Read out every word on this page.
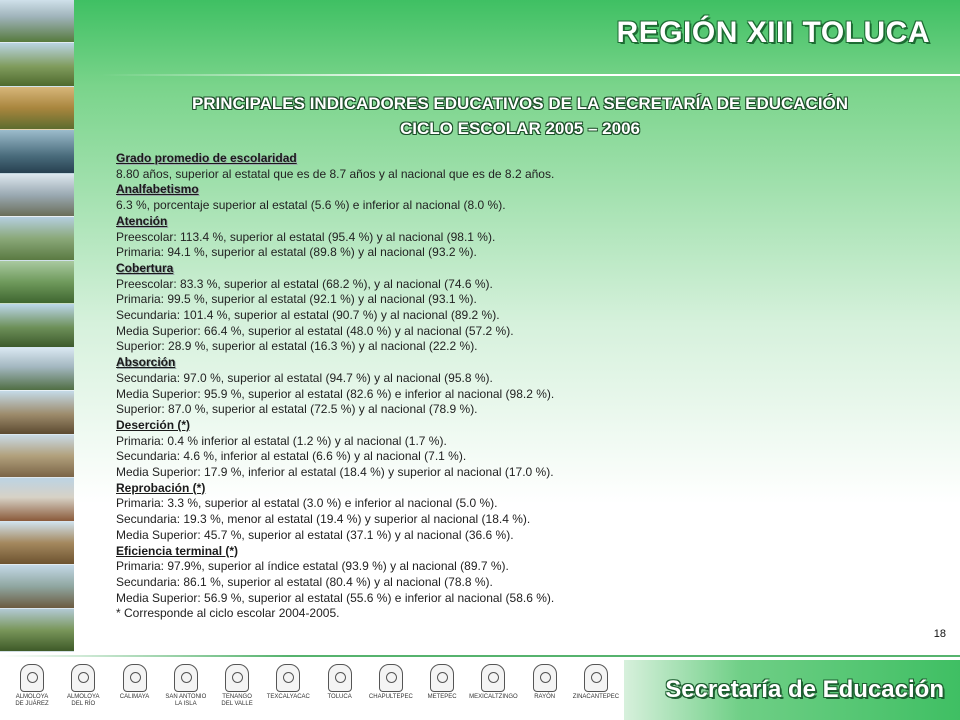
REGIÓN XIII TOLUCA
PRINCIPALES INDICADORES EDUCATIVOS DE LA SECRETARÍA DE EDUCACIÓN
CICLO ESCOLAR 2005 – 2006
Grado promedio de escolaridad
8.80 años, superior al estatal que es de 8.7 años y al nacional que es de 8.2 años.
Analfabetismo
6.3 %, porcentaje superior al estatal (5.6 %) e inferior al nacional (8.0 %).
Atención
Preescolar: 113.4 %, superior al estatal (95.4 %) y al nacional (98.1 %).
Primaria: 94.1 %, superior al estatal (89.8 %) y al nacional (93.2 %).
Cobertura
Preescolar: 83.3 %, superior al estatal (68.2 %), y al nacional (74.6 %).
Primaria: 99.5 %, superior al estatal (92.1 %) y al nacional (93.1 %).
Secundaria: 101.4 %, superior al estatal (90.7 %) y al nacional (89.2 %).
Media Superior: 66.4 %, superior al estatal (48.0 %) y al nacional (57.2 %).
Superior: 28.9 %, superior al estatal (16.3 %) y al nacional (22.2 %).
Absorción
Secundaria: 97.0 %, superior al estatal (94.7 %) y al nacional (95.8 %).
Media Superior: 95.9 %, superior al estatal (82.6 %) e inferior al nacional (98.2 %).
Superior: 87.0 %, superior al estatal (72.5 %) y al nacional (78.9 %).
Deserción (*)
Primaria: 0.4 % inferior al estatal (1.2 %) y al nacional (1.7 %).
Secundaria: 4.6 %, inferior al estatal (6.6 %) y al nacional (7.1 %).
Media Superior: 17.9 %, inferior al estatal (18.4 %) y superior al nacional (17.0 %).
Reprobación (*)
Primaria: 3.3 %, superior al estatal (3.0 %) e inferior al nacional (5.0 %).
Secundaria: 19.3 %, menor al estatal (19.4 %) y superior al nacional (18.4 %).
Media Superior: 45.7 %, superior al estatal (37.1 %) y al nacional (36.6 %).
Eficiencia terminal (*)
Primaria: 97.9%, superior al índice estatal (93.9 %) y al nacional (89.7 %).
Secundaria: 86.1 %, superior al estatal (80.4 %) y al nacional (78.8 %).
Media Superior: 56.9 %, superior al estatal (55.6 %) e inferior al nacional (58.6 %).
* Corresponde al ciclo escolar 2004-2005.
18
ALMOLOYA
DE JUÁREZ
ALMOLOYA
DEL RÍO
CALIMAYA	SAN ANTONIO
LA ISLA
TENANGO
DEL VALLE
TEXCALYACAC	TOLUCA	CHAPULTEPEC METEPEC MEXICALTZINGO	RAYÓN	ZINACANTEPEC Secretaría de Educación
